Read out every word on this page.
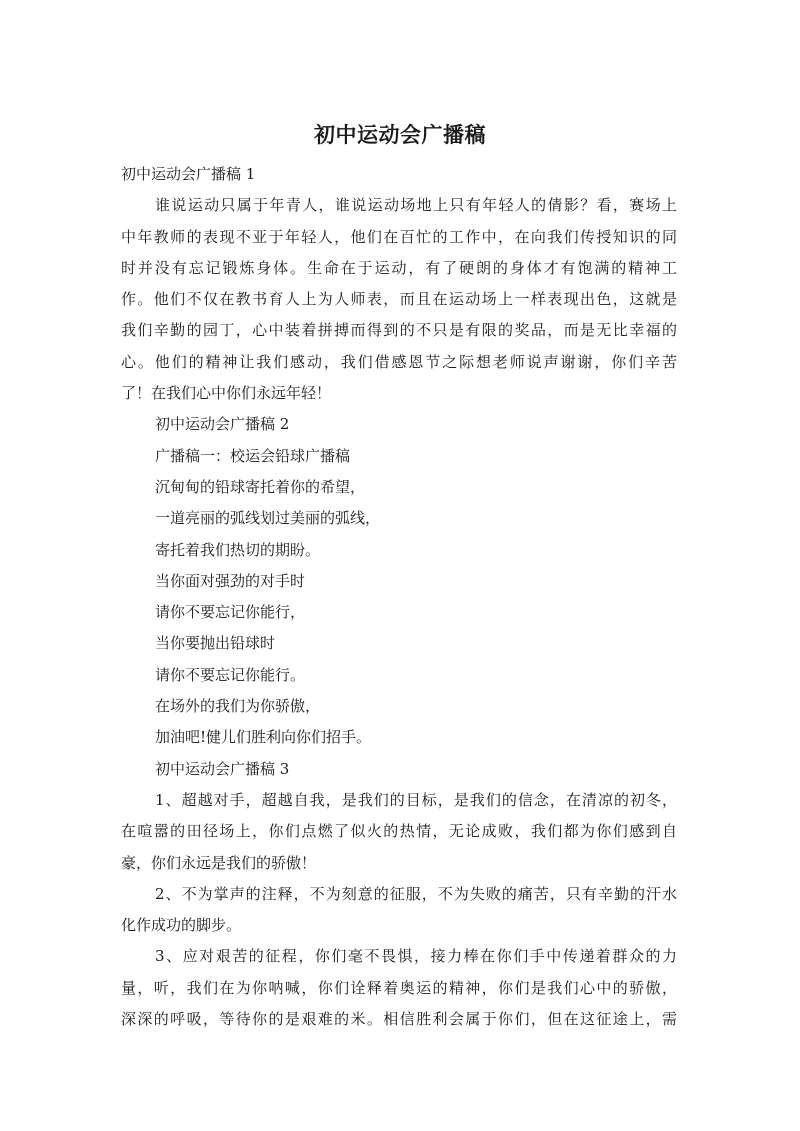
初中运动会广播稿
初中运动会广播稿 1
谁说运动只属于年青人，谁说运动场地上只有年轻人的倩影？看，赛场上
中年教师的表现不亚于年轻人，他们在百忙的工作中，在向我们传授知识的同
时并没有忘记锻炼身体。生命在于运动，有了硬朗的身体才有饱满的精神工
作。他们不仅在教书育人上为人师表，而且在运动场上一样表现出色，这就是
我们辛勤的园丁，心中装着拼搏而得到的不只是有限的奖品，而是无比幸福的
心。他们的精神让我们感动，我们借感恩节之际想老师说声谢谢，你们辛苦
了！在我们心中你们永远年轻！
初中运动会广播稿 2
广播稿一：校运会铅球广播稿
沉甸甸的铅球寄托着你的希望，
一道亮丽的弧线划过美丽的弧线，
寄托着我们热切的期盼。
当你面对强劲的对手时
请你不要忘记你能行，
当你要抛出铅球时
请你不要忘记你能行。
在场外的我们为你骄傲，
加油吧!健儿们胜利向你们招手。
初中运动会广播稿 3
1、超越对手，超越自我，是我们的目标，是我们的信念，在清凉的初冬，
在喧嚣的田径场上，你们点燃了似火的热情，无论成败，我们都为你们感到自
豪，你们永远是我们的骄傲！
2、不为掌声的注释，不为刻意的征服，不为失败的痛苦，只有辛勤的汗水
化作成功的脚步。
3、应对艰苦的征程，你们毫不畏惧，接力棒在你们手中传递着群众的力
量，听，我们在为你呐喊，你们诠释着奥运的精神，你们是我们心中的骄傲，
深深的呼吸，等待你的是艰难的米。相信胜利会属于你们，但在这征途上，需
